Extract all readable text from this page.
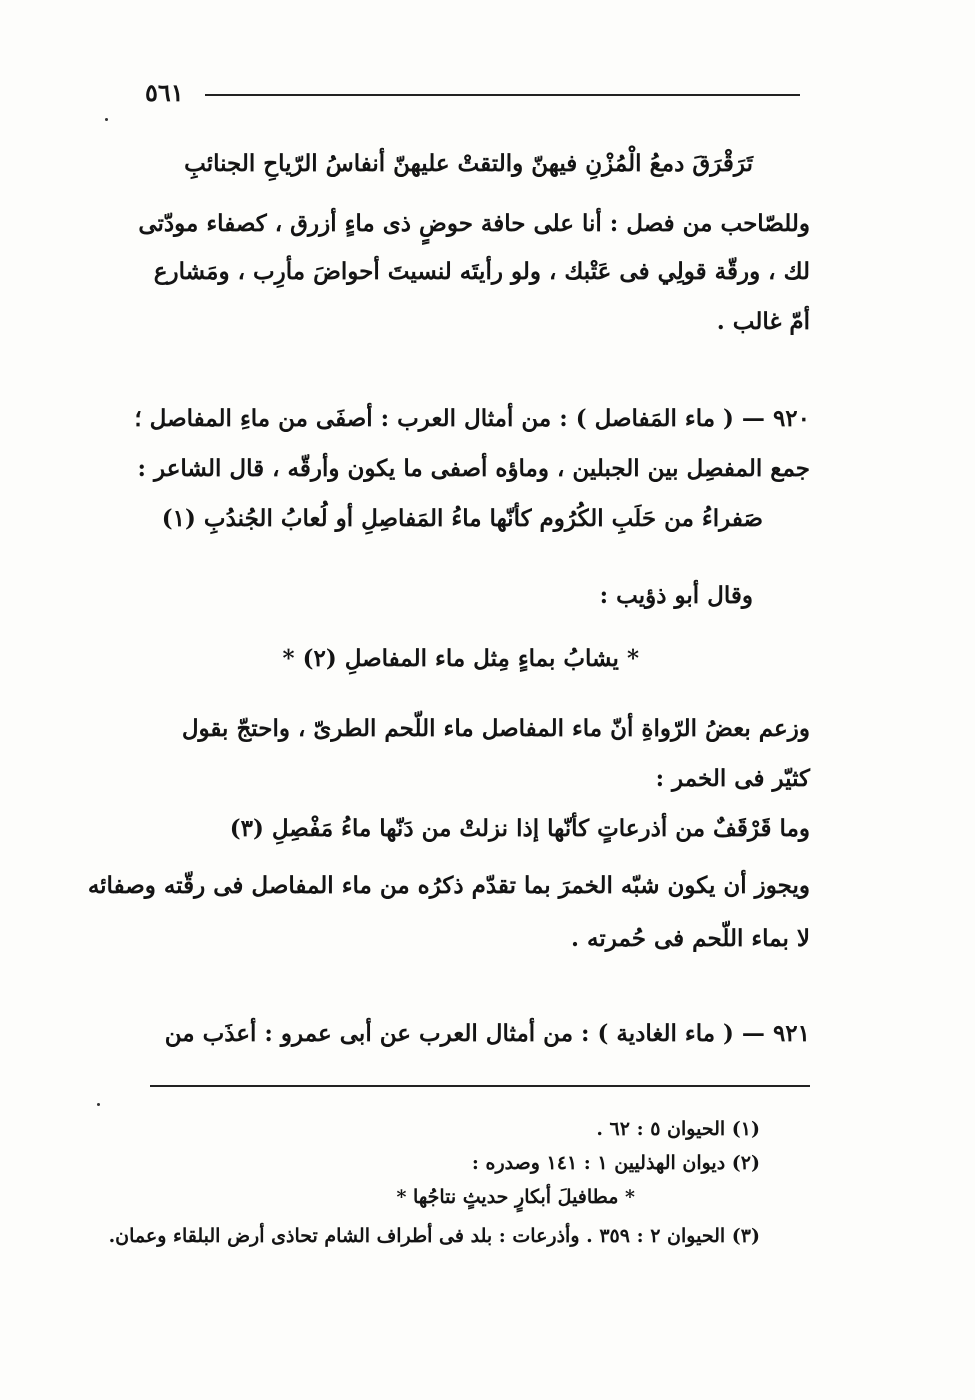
٥٦١
تَرَقْرَقَ دمعُ الْمُزْنِ فيهنّ والتقتْ عليهنّ أنفاسُ الرّياحِ الجنائبِ
وللصّاحب من فصل : أنا على حافة حوضٍ ذى ماءٍ أزرق ، كصفاء مودّتى
لك ، ورقّة قولِي فى عَتْبك ، ولو رأيتَه لنسيتَ أحواضَ مأرِب ، ومَشارع
أمّ غالب .
٩٢٠ — ( ماء المَفاصل ) : من أمثال العرب : أصفَى من ماءِ المفاصل ؛
جمع المفصِل بين الجبلين ، وماؤه أصفى ما يكون وأرقّه ، قال الشاعر :
صَفراءُ من حَلَبِ الكُرُوم كأنّها ماءُ المَفاصِلِ أو لُعابُ الجُندُبِ (١)
وقال أبو ذؤيب :
* يشابُ بماءٍ مِثل ماء المفاصلِ (٢) *
وزعم بعضُ الرّواةِ أنّ ماء المفاصل ماء اللّحم الطرىّ ، واحتجّ بقول
كثيّر فى الخمر :
وما قَرْقَفٌ من أذرعاتٍ كأنّها إذا نزلتْ من دَنّها ماءُ مَفْصِلِ (٣)
ويجوز أن يكون شبّه الخمرَ بما تقدّم ذكرُه من ماء المفاصل فى رقّته وصفائه
لا بماء اللّحم فى حُمرته .
٩٢١ — ( ماء الغادية ) : من أمثال العرب عن أبى عمرو : أعذَب من
(١) الحيوان ٥ : ٦٢ .
(٢) ديوان الهذليين ١ : ١٤١ وصدره :
* مطافيلَ أبكارٍ حديثٍ نتاجُها *
(٣) الحيوان ٢ : ٣٥٩ . وأذرعات : بلد فى أطراف الشام تحاذى أرض البلقاء وعمان.
